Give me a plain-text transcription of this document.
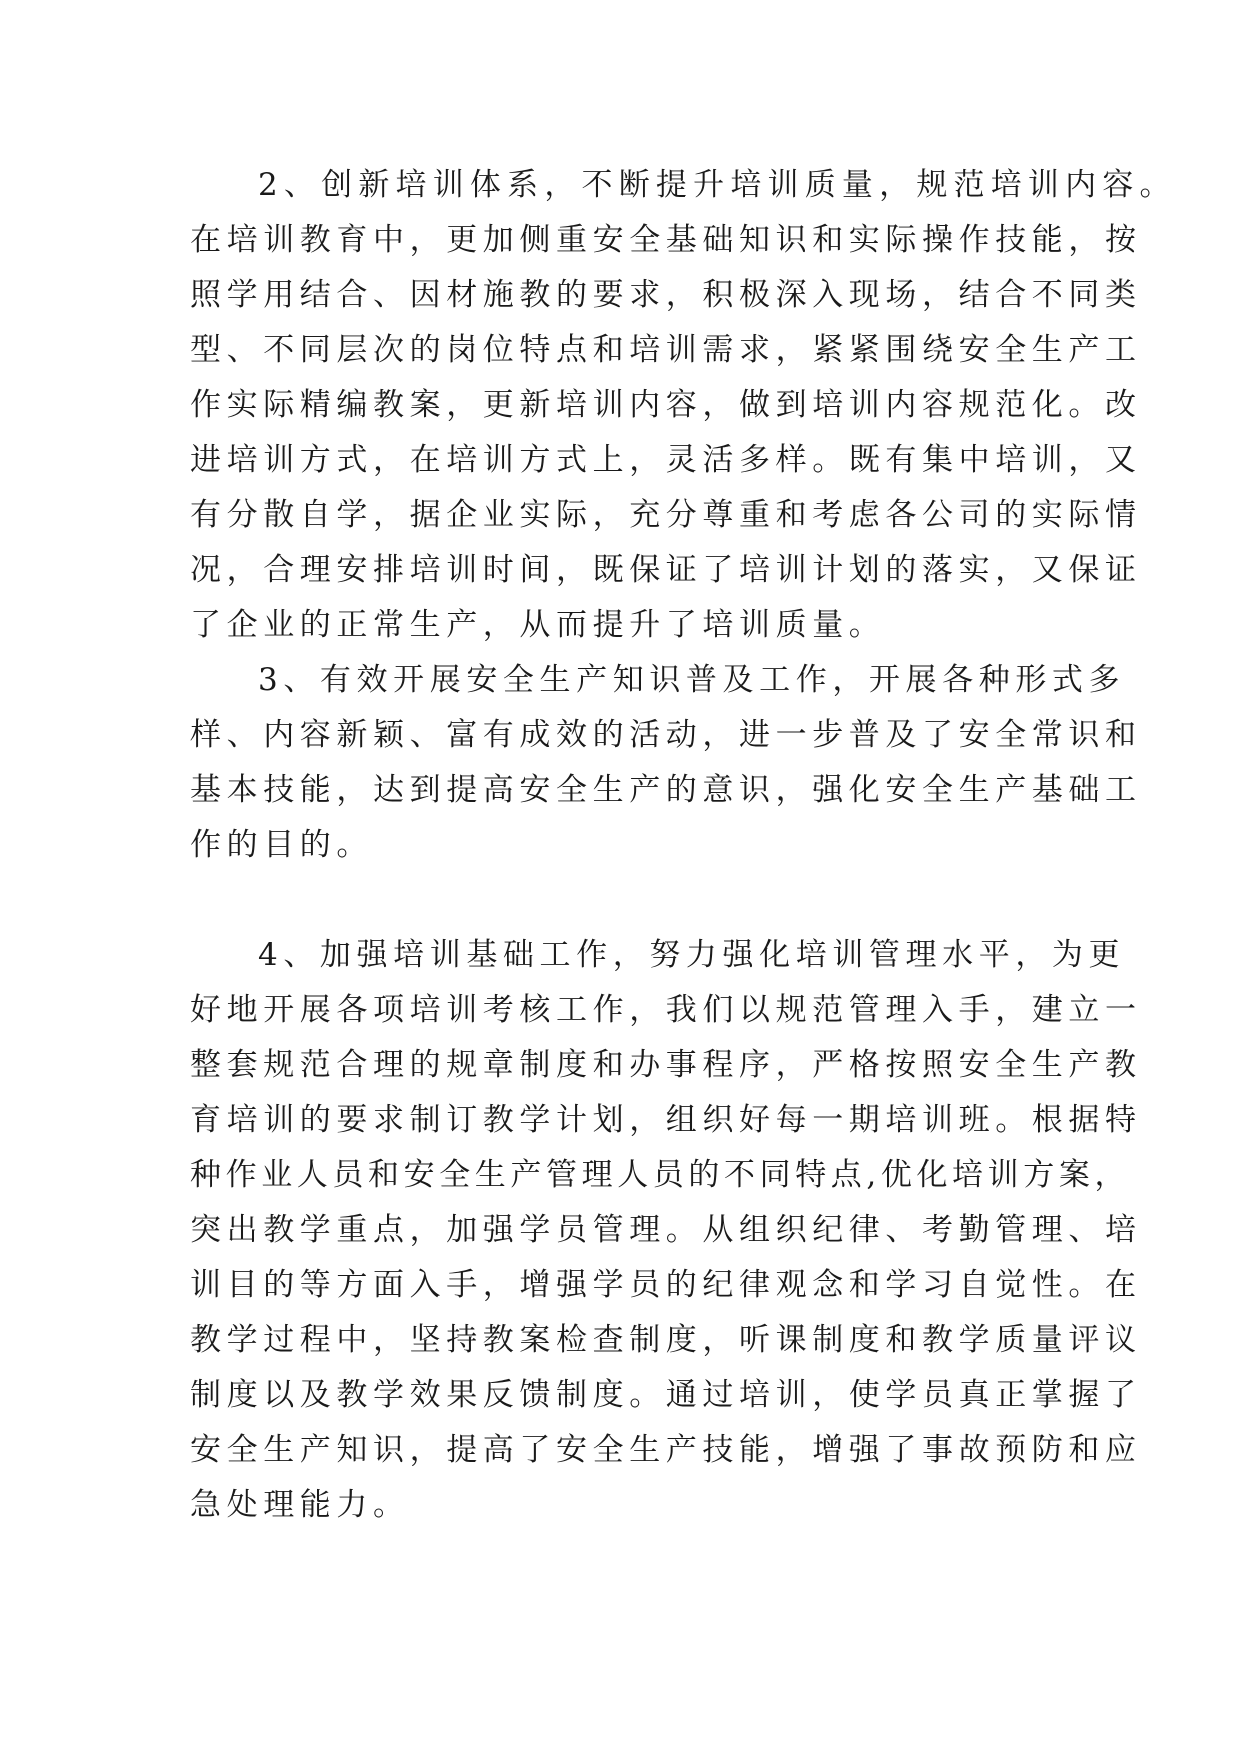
2、创新培训体系，不断提升培训质量，规范培训内容。
在培训教育中，更加侧重安全基础知识和实际操作技能，按
照学用结合、因材施教的要求，积极深入现场，结合不同类
型、不同层次的岗位特点和培训需求，紧紧围绕安全生产工
作实际精编教案，更新培训内容，做到培训内容规范化。改
进培训方式，在培训方式上，灵活多样。既有集中培训，又
有分散自学，据企业实际，充分尊重和考虑各公司的实际情
况，合理安排培训时间，既保证了培训计划的落实，又保证
了企业的正常生产，从而提升了培训质量。
3、有效开展安全生产知识普及工作，开展各种形式多
样、内容新颖、富有成效的活动，进一步普及了安全常识和
基本技能，达到提高安全生产的意识，强化安全生产基础工
作的目的。
4、加强培训基础工作，努力强化培训管理水平，为更
好地开展各项培训考核工作，我们以规范管理入手，建立一
整套规范合理的规章制度和办事程序，严格按照安全生产教
育培训的要求制订教学计划，组织好每一期培训班。根据特
种作业人员和安全生产管理人员的不同特点,优化培训方案，
突出教学重点，加强学员管理。从组织纪律、考勤管理、培
训目的等方面入手，增强学员的纪律观念和学习自觉性。在
教学过程中，坚持教案检查制度，听课制度和教学质量评议
制度以及教学效果反馈制度。通过培训，使学员真正掌握了
安全生产知识，提高了安全生产技能，增强了事故预防和应
急处理能力。
